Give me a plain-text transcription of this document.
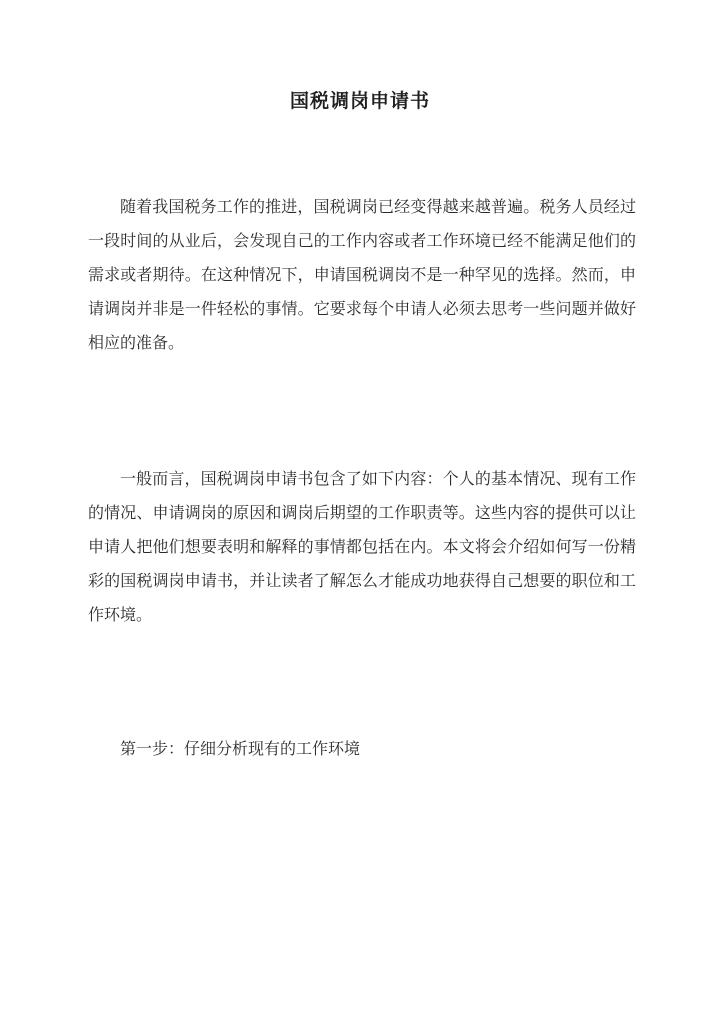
国税调岗申请书

随着我国税务工作的推进，国税调岗已经变得越来越普遍。税务人员经过一段时间的从业后，会发现自己的工作内容或者工作环境已经不能满足他们的需求或者期待。在这种情况下，申请国税调岗不是一种罕见的选择。然而，申请调岗并非是一件轻松的事情。它要求每个申请人必须去思考一些问题并做好相应的准备。

一般而言，国税调岗申请书包含了如下内容：个人的基本情况、现有工作的情况、申请调岗的原因和调岗后期望的工作职责等。这些内容的提供可以让申请人把他们想要表明和解释的事情都包括在内。本文将会介绍如何写一份精彩的国税调岗申请书，并让读者了解怎么才能成功地获得自己想要的职位和工作环境。

第一步：仔细分析现有的工作环境
